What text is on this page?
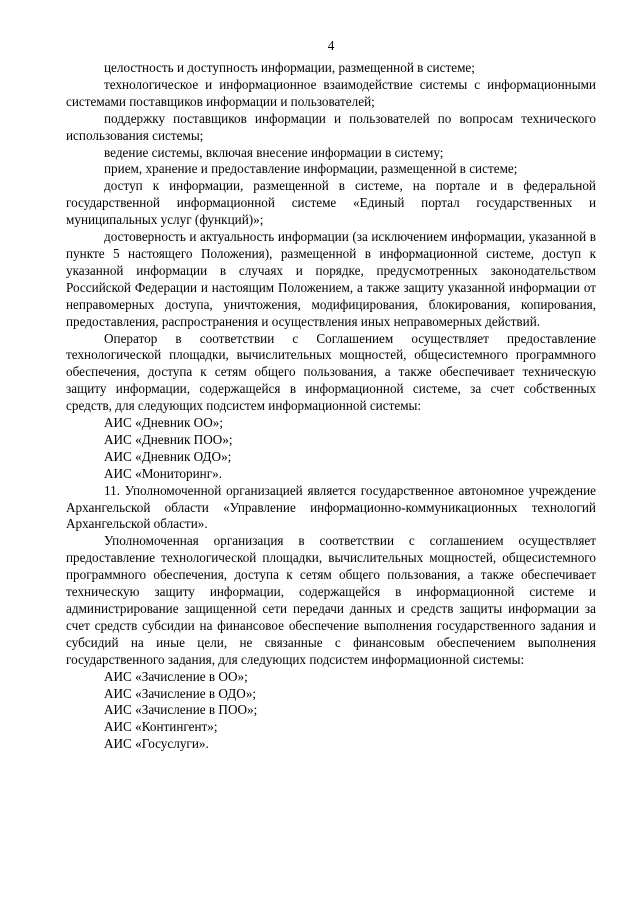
4

целостность и доступность информации, размещенной в системе;

технологическое и информационное взаимодействие системы с информационными системами поставщиков информации и пользователей;

поддержку поставщиков информации и пользователей по вопросам технического использования системы;

ведение системы, включая внесение информации в систему;

прием, хранение и предоставление информации, размещенной в системе;

доступ к информации, размещенной в системе, на портале и в федеральной государственной информационной системе «Единый портал государственных и муниципальных услуг (функций)»;

достоверность и актуальность информации (за исключением информации, указанной в пункте 5 настоящего Положения), размещенной в информационной системе, доступ к указанной информации в случаях и порядке, предусмотренных законодательством Российской Федерации и настоящим Положением, а также защиту указанной информации от неправомерных доступа, уничтожения, модифицирования, блокирования, копирования, предоставления, распространения и осуществления иных неправомерных действий.

Оператор в соответствии с Соглашением осуществляет предоставление технологической площадки, вычислительных мощностей, общесистемного программного обеспечения, доступа к сетям общего пользования, а также обеспечивает техническую защиту информации, содержащейся в информационной системе, за счет собственных средств, для следующих подсистем информационной системы:

АИС «Дневник ОО»;
АИС «Дневник ПОО»;
АИС «Дневник ОДО»;
АИС «Мониторинг».

11. Уполномоченной организацией является государственное автономное учреждение Архангельской области «Управление информационно-коммуникационных технологий Архангельской области».

Уполномоченная организация в соответствии с соглашением осуществляет предоставление технологической площадки, вычислительных мощностей, общесистемного программного обеспечения, доступа к сетям общего пользования, а также обеспечивает техническую защиту информации, содержащейся в информационной системе и администрирование защищенной сети передачи данных и средств защиты информации за счет средств субсидии на финансовое обеспечение выполнения государственного задания и субсидий на иные цели, не связанные с финансовым обеспечением выполнения государственного задания, для следующих подсистем информационной системы:

АИС «Зачисление в ОО»;
АИС «Зачисление в ОДО»;
АИС «Зачисление в ПОО»;
АИС «Контингент»;
АИС «Госуслуги».
